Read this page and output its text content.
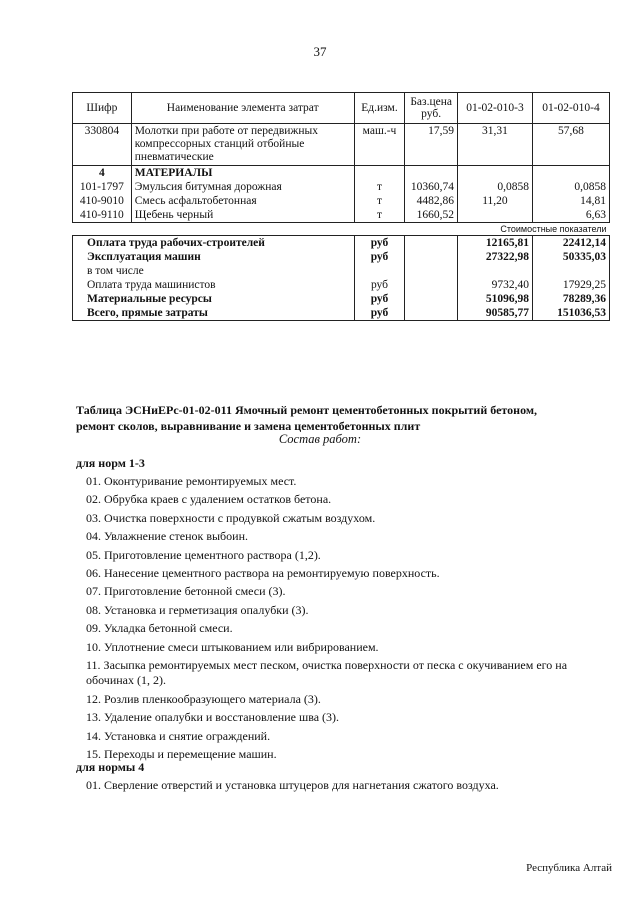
37
Шифр	Наименование элемента затрат	Ед.изм.	Баз.цена руб.	01-02-010-3	01-02-010-4
330804	Молотки при работе от передвижных компрессорных станций отбойные пневматические	маш.-ч	17,59	31,31	57,68
4	МАТЕРИАЛЫ				
101-1797	Эмульсия битумная дорожная	т	10360,74	0,0858	0,0858
410-9010	Смесь асфальтобетонная	т	4482,86	11,20	14,81
410-9110	Щебень черный	т	1660,52		6,63
Стоимостные показатели					
Оплата труда рабочих-строителей		руб		12165,81	22412,14
Эксплуатация машин		руб		27322,98	50335,03
в том числе					
Оплата труда машинистов		руб		9732,40	17929,25
Материальные ресурсы		руб		51096,98	78289,36
Всего, прямые затраты		руб		90585,77	151036,53
Таблица ЭСНиЕРс-01-02-011 Ямочный ремонт цементобетонных покрытий бетоном,
ремонт сколов, выравнивание и замена цементобетонных плит
Состав работ:
для норм 1-3
01. Оконтуривание ремонтируемых мест.
02. Обрубка краев с удалением остатков бетона.
03. Очистка поверхности с продувкой сжатым воздухом.
04. Увлажнение стенок выбоин.
05. Приготовление цементного раствора (1,2).
06. Нанесение цементного раствора на ремонтируемую поверхность.
07. Приготовление бетонной смеси (3).
08. Установка и герметизация опалубки (3).
09. Укладка бетонной смеси.
10. Уплотнение смеси штыкованием или вибрированием.
11. Засыпка ремонтируемых мест песком, очистка поверхности от песка с окучиванием его на обочинах (1, 2).
12. Розлив пленкообразующего материала (3).
13. Удаление опалубки и восстановление шва (3).
14. Установка и снятие ограждений.
15. Переходы и перемещение машин.
для нормы 4
01. Сверление отверстий и установка штуцеров для нагнетания сжатого воздуха.
Республика Алтай
